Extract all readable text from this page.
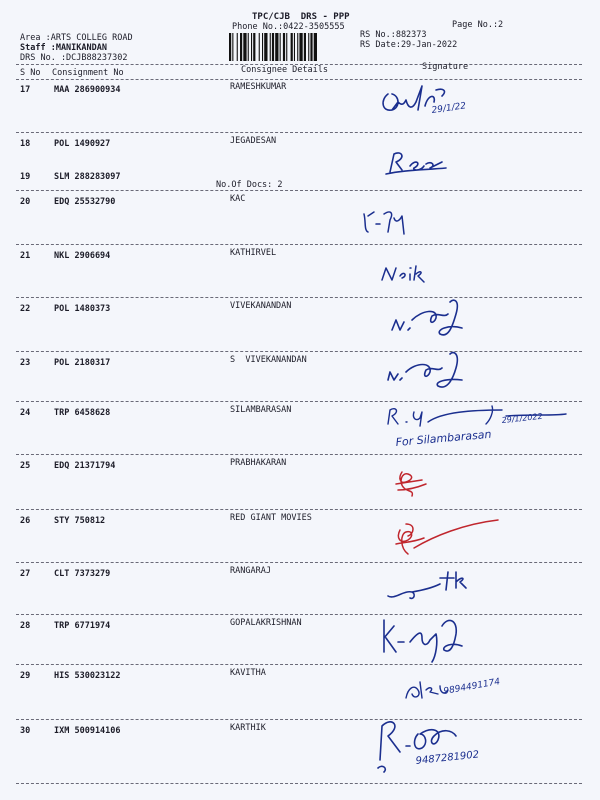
TPC/CJB  DRS - PPP
Phone No.:0422-3505555	Page No.:2
Area :ARTS COLLEG ROAD
Staff :MANIKANDAN
DRS No. :DCJB88237302
RS No.:882373
RS Date:29-Jan-2022
S No Consignment No	Consignee Details	Signature
17	MAA 286900934	RAMESHKUMAR
18	POL 1490927	JEGADESAN
19	SLM 288283097
20	EDQ 25532790	KAC
21	NKL 2906694	KATHIRVEL
22	POL 1480373	VIVEKANANDAN
23	POL 2180317	S  VIVEKANANDAN
24	TRP 6458628	SILAMBARASAN
25	EDQ 21371794	PRABHAKARAN
26	STY 750812	RED GIANT MOVIES
27	CLT 7373279	RANGARAJ
28	TRP 6771974	GOPALAKRISHNAN
29	HIS 530023122	KAVITHA
30	IXM 500914106	KARTHIK
No.Of Docs: 2
29/1/22
29/1/2022
For Silambarasan
9894491174
9487281902
